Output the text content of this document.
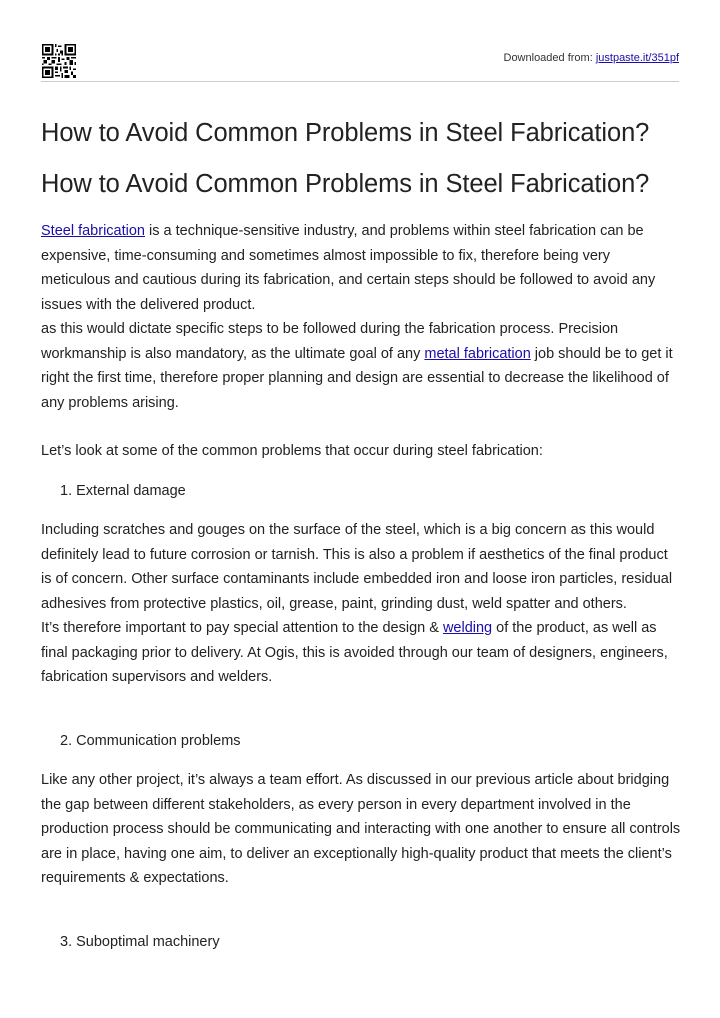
Downloaded from: justpaste.it/351pf
How to Avoid Common Problems in Steel Fabrication?
How to Avoid Common Problems in Steel Fabrication?

Steel fabrication is a technique-sensitive industry, and problems within steel fabrication can be expensive, time-consuming and sometimes almost impossible to fix, therefore being very meticulous and cautious during its fabrication, and certain steps should be followed to avoid any issues with the delivered product.

as this would dictate specific steps to be followed during the fabrication process. Precision workmanship is also mandatory, as the ultimate goal of any metal fabrication job should be to get it right the first time, therefore proper planning and design are essential to decrease the likelihood of any problems arising.

Let’s look at some of the common problems that occur during steel fabrication:

1. External damage

Including scratches and gouges on the surface of the steel, which is a big concern as this would definitely lead to future corrosion or tarnish. This is also a problem if aesthetics of the final product is of concern. Other surface contaminants include embedded iron and loose iron particles, residual adhesives from protective plastics, oil, grease, paint, grinding dust, weld spatter and others.

It’s therefore important to pay special attention to the design & welding of the product, as well as final packaging prior to delivery. At Ogis, this is avoided through our team of designers, engineers, fabrication supervisors and welders.

2. Communication problems

Like any other project, it’s always a team effort. As discussed in our previous article about bridging the gap between different stakeholders, as every person in every department involved in the production process should be communicating and interacting with one another to ensure all controls are in place, having one aim, to deliver an exceptionally high-quality product that meets the client’s requirements & expectations.

3. Suboptimal machinery
